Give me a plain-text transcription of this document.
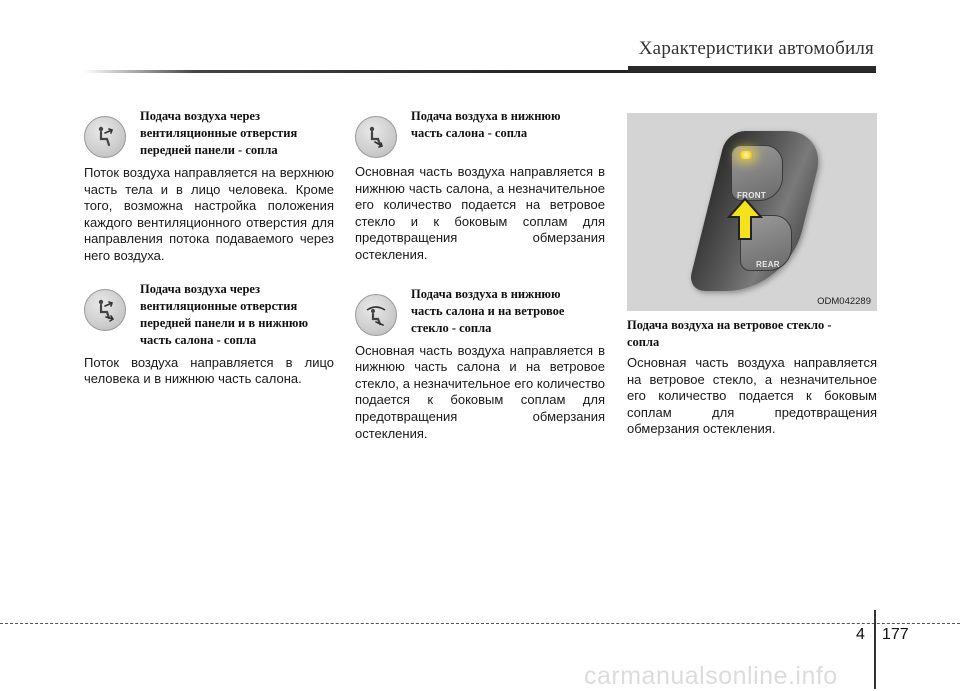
Характеристики автомобиля
Подача воздуха через
вентиляционные отверстия
передней панели - сопла
Поток воздуха направляется на верхнюю часть тела и в лицо человека. Кроме того, возможна настройка положения каждого вентиляционного отверстия для направления потока подаваемого через него воздуха.
Подача воздуха через
вентиляционные отверстия
передней панели и в нижнюю
часть салона - сопла
Поток воздуха направляется в лицо человека и в нижнюю часть салона.
Подача воздуха в нижнюю
часть салона - сопла
Основная часть воздуха направляется в нижнюю часть салона, а незначительное его количество подается на ветровое стекло и к боковым соплам для предотвращения обмерзания остекления.
Подача воздуха в нижнюю
часть салона и на ветровое
стекло - сопла
Основная часть воздуха направляется в нижнюю часть салона и на ветровое стекло, а незначительное его количество подается к боковым соплам для предотвращения обмерзания остекления.
FRONT
REAR
ODM042289
Подача воздуха на ветровое стекло -
сопла
Основная часть воздуха направляется на ветровое стекло, а незначительное его количество подается к боковым соплам для предотвращения обмерзания остекления.
4 177
carmanualsonline.info
